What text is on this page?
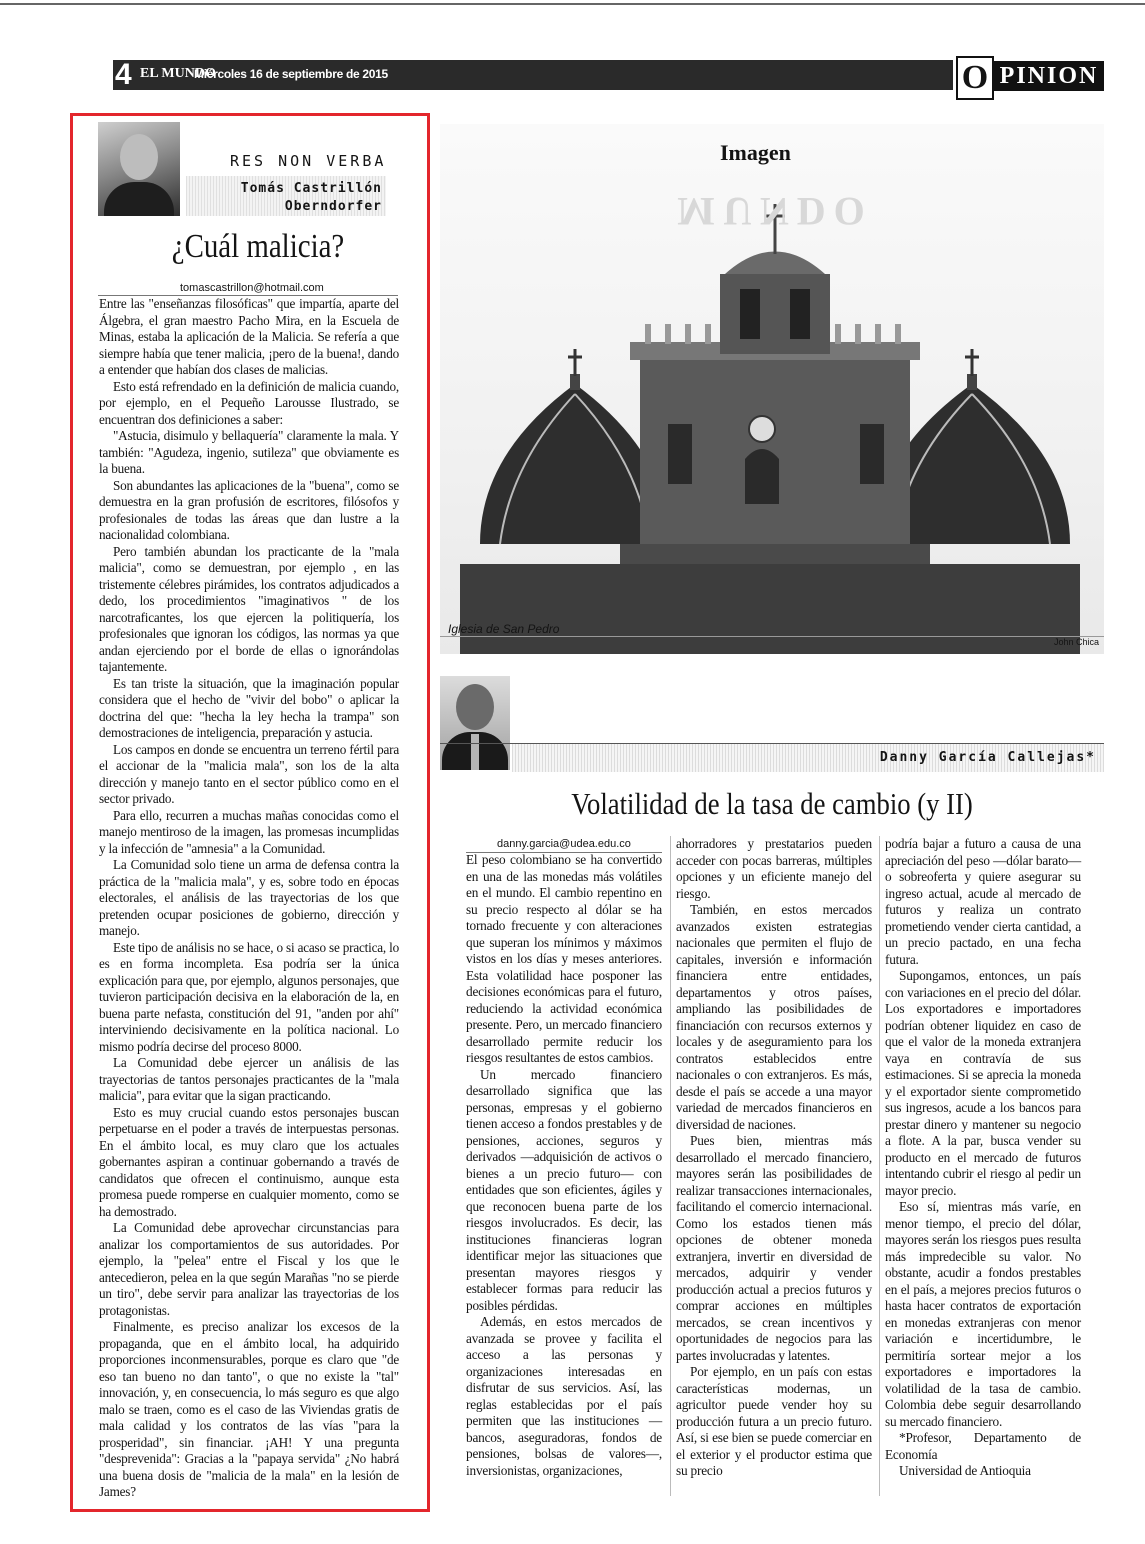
4 EL MUNDO
Miércoles 16 de septiembre de 2015	O PINION
RES NON VERBA
Tomás Castrillón
Oberndorfer
¿Cuál malicia?
tomascastrillon@hotmail.com

Entre las "enseñanzas filosóficas" que impartía, aparte del Álgebra, el gran maestro Pacho Mira, en la Escuela de Minas, estaba la aplicación de la Malicia. Se refería a que siempre había que tener malicia, ¡pero de la buena!, dando a entender que habían dos clases de malicias.

Esto está refrendado en la definición de malicia cuando, por ejemplo, en el Pequeño Larousse Ilustrado, se encuentran dos definiciones a saber:

"Astucia, disimulo y bellaquería" claramente la mala. Y también: "Agudeza, ingenio, sutileza" que obviamente es la buena.

Son abundantes las aplicaciones de la "buena", como se demuestra en la gran profusión de escritores, filósofos y profesionales de todas las áreas que dan lustre a la nacionalidad colombiana.

Pero también abundan los practicante de la "mala malicia", como se demuestran, por ejemplo , en las tristemente célebres pirámides, los contratos adjudicados a dedo, los procedimientos "imaginativos " de los narcotraficantes, los que ejercen la politiquería, los profesionales que ignoran los códigos, las normas ya que andan ejerciendo por el borde de ellas o ignorándolas tajantemente.

Es tan triste la situación, que la imaginación popular considera que el hecho de "vivir del bobo" o aplicar la doctrina del que: "hecha la ley hecha la trampa" son demostraciones de inteligencia, preparación y astucia.

Los campos en donde se encuentra un terreno fértil para el accionar de la "malicia mala", son los de la alta dirección y manejo tanto en el sector público como en el sector privado.

Para ello, recurren a muchas mañas conocidas como el manejo mentiroso de la imagen, las promesas incumplidas y la infección de "amnesia" a la Comunidad.

La Comunidad solo tiene un arma de defensa contra la práctica de la "malicia mala", y es, sobre todo en épocas electorales, el análisis de las trayectorias de los que pretenden ocupar posiciones de gobierno, dirección y manejo.

Este tipo de análisis no se hace, o si acaso se practica, lo es en forma incompleta. Esa podría ser la única explicación para que, por ejemplo, algunos personajes, que tuvieron participación decisiva en la elaboración de la, en buena parte nefasta, constitución del 91, "anden por ahí" interviniendo decisivamente en la política nacional. Lo mismo podría decirse del proceso 8000.

La Comunidad debe ejercer un análisis de las trayectorias de tantos personajes practicantes de la "mala malicia", para evitar que la sigan practicando.

Esto es muy crucial cuando estos personajes buscan perpetuarse en el poder a través de interpuestas personas. En el ámbito local, es muy claro que los actuales gobernantes aspiran a continuar gobernando a través de candidatos que ofrecen el continuismo, aunque esta promesa puede romperse en cualquier momento, como se ha demostrado.

La Comunidad debe aprovechar circunstancias para analizar los comportamientos de sus autoridades. Por ejemplo, la "pelea" entre el Fiscal y los que le antecedieron, pelea en la que según Marañas "no se pierde un tiro", debe servir para analizar las trayectorias de los protagonistas.

Finalmente, es preciso analizar los excesos de la propaganda, que en el ámbito local, ha adquirido proporciones inconmensurables, porque es claro que "de eso tan bueno no dan tanto", o que no existe la "tal" innovación, y, en consecuencia, lo más seguro es que algo malo se traen, como es el caso de las Viviendas gratis de mala calidad y los contratos de las vías "para la prosperidad", sin financiar. ¡AH! Y una pregunta "desprevenida": Gracias a la "papaya servida" ¿No habrá una buena dosis de "malicia de la mala" en la lesión de James?

MUNDO
Imagen
Iglesia de San Pedro
John Chica
Danny García Callejas*
Volatilidad de la tasa de cambio (y II)
danny.garcia@udea.edu.co

El peso colombiano se ha convertido en una de las monedas más volátiles en el mundo. El cambio repentino en su precio respecto al dólar se ha tornado frecuente y con alteraciones que superan los mínimos y máximos vistos en los días y meses anteriores. Esta volatilidad hace posponer las decisiones económicas para el futuro, reduciendo la actividad económica presente. Pero, un mercado financiero desarrollado permite reducir los riesgos resultantes de estos cambios.

Un mercado financiero desarrollado significa que las personas, empresas y el gobierno tienen acceso a fondos prestables y de pensiones, acciones, seguros y derivados —adquisición de activos o bienes a un precio futuro— con entidades que son eficientes, ágiles y que reconocen buena parte de los riesgos involucrados. Es decir, las instituciones financieras logran identificar mejor las situaciones que presentan mayores riesgos y establecer formas para reducir las posibles pérdidas.

Además, en estos mercados de avanzada se provee y facilita el acceso a las personas y organizaciones interesadas en disfrutar de sus servicios. Así, las reglas establecidas por el país permiten que las instituciones — bancos, aseguradoras, fondos de pensiones, bolsas de valores—, inversionistas, organizaciones,

ahorradores y prestatarios pueden acceder con pocas barreras, múltiples opciones y un eficiente manejo del riesgo.

También, en estos mercados avanzados existen estrategias nacionales que permiten el flujo de capitales, inversión e información financiera entre entidades, departamentos y otros países, ampliando las posibilidades de financiación con recursos externos y locales y de aseguramiento para los contratos establecidos entre nacionales o con extranjeros. Es más, desde el país se accede a una mayor variedad de mercados financieros en diversidad de naciones.

Pues bien, mientras más desarrollado el mercado financiero, mayores serán las posibilidades de realizar transacciones internacionales, facilitando el comercio internacional. Como los estados tienen más opciones de obtener moneda extranjera, invertir en diversidad de mercados, adquirir y vender producción actual a precios futuros y comprar acciones en múltiples mercados, se crean incentivos y oportunidades de negocios para las partes involucradas y latentes.

Por ejemplo, en un país con estas características modernas, un agricultor puede vender hoy su producción futura a un precio futuro. Así, si ese bien se puede comerciar en el exterior y el productor estima que su precio

podría bajar a futuro a causa de una apreciación del peso —dólar barato— o sobreoferta y quiere asegurar su ingreso actual, acude al mercado de futuros y realiza un contrato prometiendo vender cierta cantidad, a un precio pactado, en una fecha futura.

Supongamos, entonces, un país con variaciones en el precio del dólar. Los exportadores e importadores podrían obtener liquidez en caso de que el valor de la moneda extranjera vaya en contravía de sus estimaciones. Si se aprecia la moneda y el exportador siente comprometido sus ingresos, acude a los bancos para prestar dinero y mantener su negocio a flote. A la par, busca vender su producto en el mercado de futuros intentando cubrir el riesgo al pedir un mayor precio.

Eso sí, mientras más varíe, en menor tiempo, el precio del dólar, mayores serán los riesgos pues resulta más impredecible su valor. No obstante, acudir a fondos prestables en el país, a mejores precios futuros o hasta hacer contratos de exportación en monedas extranjeras con menor variación e incertidumbre, le permitiría sortear mejor a los exportadores e importadores la volatilidad de la tasa de cambio. Colombia debe seguir desarrollando su mercado financiero.

*Profesor, Departamento de Economía

Universidad de Antioquia
